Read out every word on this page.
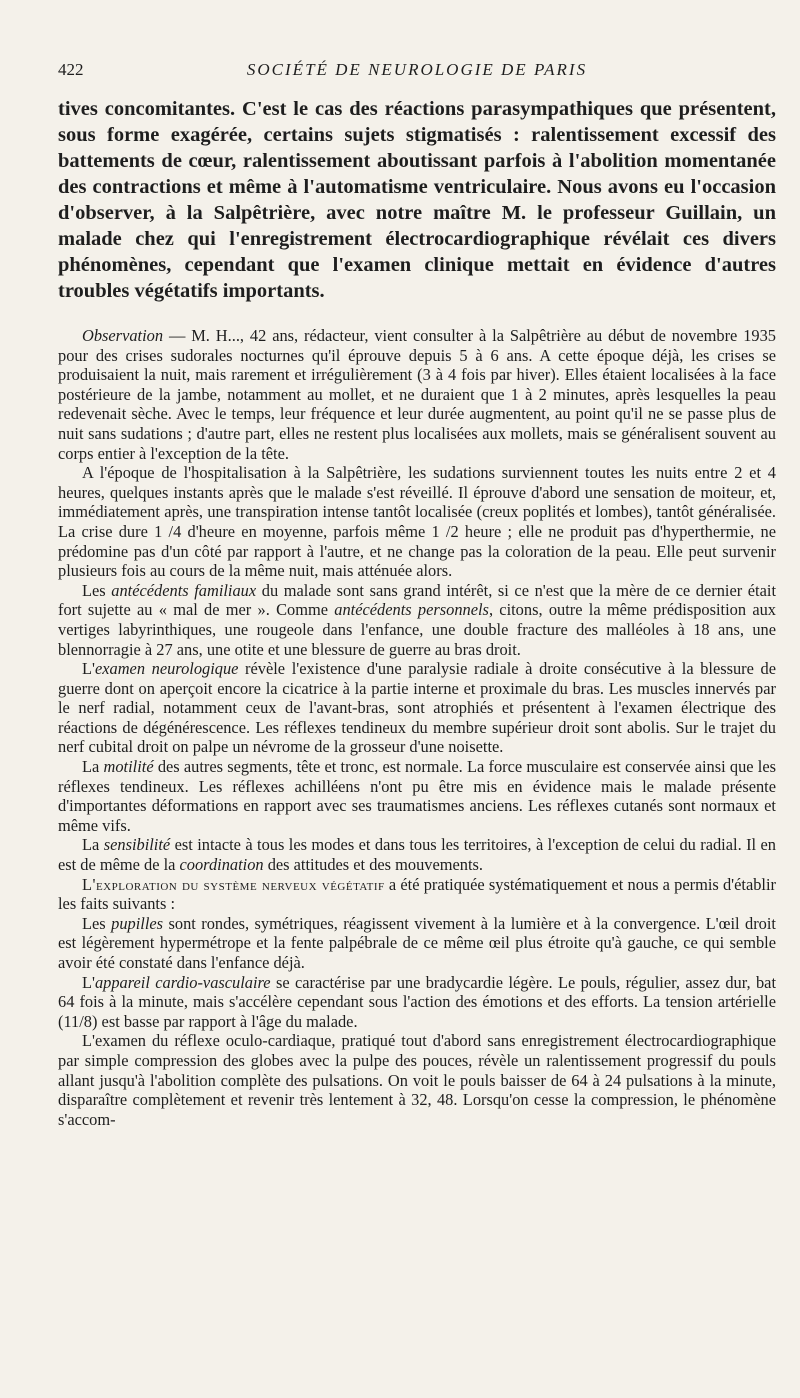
422	SOCIÉTÉ DE NEUROLOGIE DE PARIS

tives concomitantes. C'est le cas des réactions parasympathiques que présentent, sous forme exagérée, certains sujets stigmatisés : ralentissement excessif des battements de cœur, ralentissement aboutissant parfois à l'abolition momentanée des contractions et même à l'automatisme ventriculaire. Nous avons eu l'occasion d'observer, à la Salpêtrière, avec notre maître M. le professeur Guillain, un malade chez qui l'enregistrement électrocardiographique révélait ces divers phénomènes, cependant que l'examen clinique mettait en évidence d'autres troubles végétatifs importants.

Observation — M. H..., 42 ans, rédacteur, vient consulter à la Salpêtrière au début de novembre 1935 pour des crises sudorales nocturnes qu'il éprouve depuis 5 à 6 ans. A cette époque déjà, les crises se produisaient la nuit, mais rarement et irrégulièrement (3 à 4 fois par hiver). Elles étaient localisées à la face postérieure de la jambe, notamment au mollet, et ne duraient que 1 à 2 minutes, après lesquelles la peau redevenait sèche. Avec le temps, leur fréquence et leur durée augmentent, au point qu'il ne se passe plus de nuit sans sudations ; d'autre part, elles ne restent plus localisées aux mollets, mais se généralisent souvent au corps entier à l'exception de la tête.

A l'époque de l'hospitalisation à la Salpêtrière, les sudations surviennent toutes les nuits entre 2 et 4 heures, quelques instants après que le malade s'est réveillé. Il éprouve d'abord une sensation de moiteur, et, immédiatement après, une transpiration intense tantôt localisée (creux poplités et lombes), tantôt généralisée. La crise dure 1 /4 d'heure en moyenne, parfois même 1 /2 heure ; elle ne produit pas d'hyperthermie, ne prédomine pas d'un côté par rapport à l'autre, et ne change pas la coloration de la peau. Elle peut survenir plusieurs fois au cours de la même nuit, mais atténuée alors.

Les antécédents familiaux du malade sont sans grand intérêt, si ce n'est que la mère de ce dernier était fort sujette au « mal de mer ». Comme antécédents personnels, citons, outre la même prédisposition aux vertiges labyrinthiques, une rougeole dans l'enfance, une double fracture des malléoles à 18 ans, une blennorragie à 27 ans, une otite et une blessure de guerre au bras droit.

L'examen neurologique révèle l'existence d'une paralysie radiale à droite consécutive à la blessure de guerre dont on aperçoit encore la cicatrice à la partie interne et proximale du bras. Les muscles innervés par le nerf radial, notamment ceux de l'avant-bras, sont atrophiés et présentent à l'examen électrique des réactions de dégénérescence. Les réflexes tendineux du membre supérieur droit sont abolis. Sur le trajet du nerf cubital droit on palpe un névrome de la grosseur d'une noisette.

La motilité des autres segments, tête et tronc, est normale. La force musculaire est conservée ainsi que les réflexes tendineux. Les réflexes achilléens n'ont pu être mis en évidence mais le malade présente d'importantes déformations en rapport avec ses traumatismes anciens. Les réflexes cutanés sont normaux et même vifs.

La sensibilité est intacte à tous les modes et dans tous les territoires, à l'exception de celui du radial. Il en est de même de la coordination des attitudes et des mouvements.

L'exploration du système nerveux végétatif a été pratiquée systématiquement et nous a permis d'établir les faits suivants :

Les pupilles sont rondes, symétriques, réagissent vivement à la lumière et à la convergence. L'œil droit est légèrement hypermétrope et la fente palpébrale de ce même œil plus étroite qu'à gauche, ce qui semble avoir été constaté dans l'enfance déjà.

L'appareil cardio-vasculaire se caractérise par une bradycardie légère. Le pouls, régulier, assez dur, bat 64 fois à la minute, mais s'accélère cependant sous l'action des émotions et des efforts. La tension artérielle (11/8) est basse par rapport à l'âge du malade.

L'examen du réflexe oculo-cardiaque, pratiqué tout d'abord sans enregistrement électrocardiographique par simple compression des globes avec la pulpe des pouces, révèle un ralentissement progressif du pouls allant jusqu'à l'abolition complète des pulsations. On voit le pouls baisser de 64 à 24 pulsations à la minute, disparaître complètement et revenir très lentement à 32, 48. Lorsqu'on cesse la compression, le phénomène s'accom-
